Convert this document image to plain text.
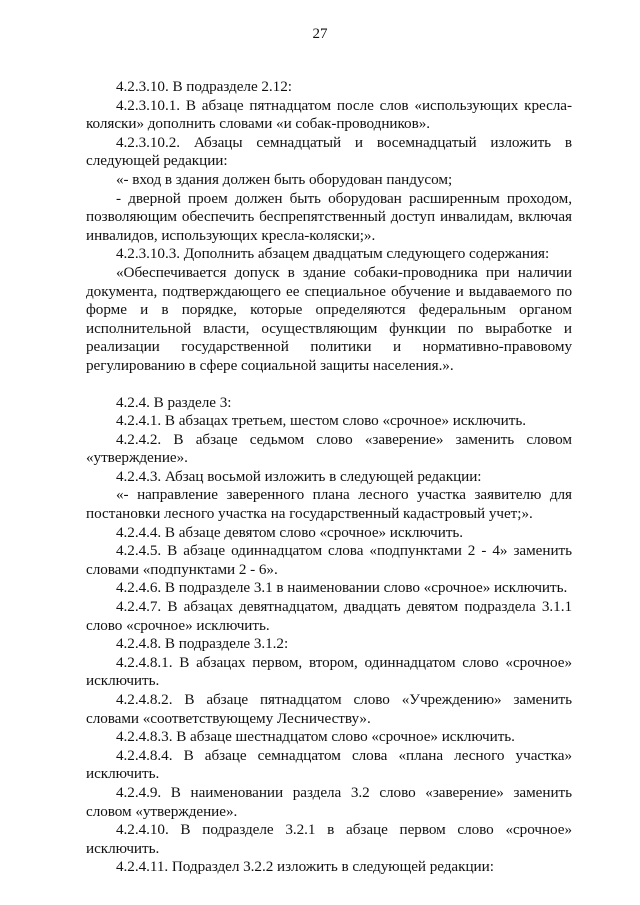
27

4.2.3.10. В подразделе 2.12:

4.2.3.10.1. В абзаце пятнадцатом после слов «использующих кресла-коляски» дополнить словами «и собак-проводников».

4.2.3.10.2. Абзацы семнадцатый и восемнадцатый изложить в следующей редакции:

«- вход в здания должен быть оборудован пандусом;

- дверной проем должен быть оборудован расширенным проходом, позволяющим обеспечить беспрепятственный доступ инвалидам, включая инвалидов, использующих кресла-коляски;».

4.2.3.10.3. Дополнить абзацем двадцатым следующего содержания:

«Обеспечивается допуск в здание собаки-проводника при наличии документа, подтверждающего ее специальное обучение и выдаваемого по форме и в порядке, которые определяются федеральным органом исполнительной власти, осуществляющим функции по выработке и реализации государственной политики и нормативно-правовому регулированию в сфере социальной защиты населения.».

4.2.4. В разделе 3:

4.2.4.1. В абзацах третьем, шестом слово «срочное» исключить.

4.2.4.2. В абзаце седьмом слово «заверение» заменить словом «утверждение».

4.2.4.3. Абзац восьмой изложить в следующей редакции:

«- направление заверенного плана лесного участка заявителю для постановки лесного участка на государственный кадастровый учет;».

4.2.4.4. В абзаце девятом слово «срочное» исключить.

4.2.4.5. В абзаце одиннадцатом слова «подпунктами 2 - 4» заменить словами «подпунктами 2 - 6».

4.2.4.6. В подразделе 3.1 в наименовании слово «срочное» исключить.

4.2.4.7. В абзацах девятнадцатом, двадцать девятом подраздела 3.1.1 слово «срочное» исключить.

4.2.4.8. В подразделе 3.1.2:

4.2.4.8.1. В абзацах первом, втором, одиннадцатом слово «срочное» исключить.

4.2.4.8.2. В абзаце пятнадцатом слово «Учреждению» заменить словами «соответствующему Лесничеству».

4.2.4.8.3. В абзаце шестнадцатом слово «срочное» исключить.

4.2.4.8.4. В абзаце семнадцатом слова «плана лесного участка» исключить.

4.2.4.9. В наименовании раздела 3.2 слово «заверение» заменить словом «утверждение».

4.2.4.10. В подразделе 3.2.1 в абзаце первом слово «срочное» исключить.

4.2.4.11. Подраздел 3.2.2 изложить в следующей редакции:
